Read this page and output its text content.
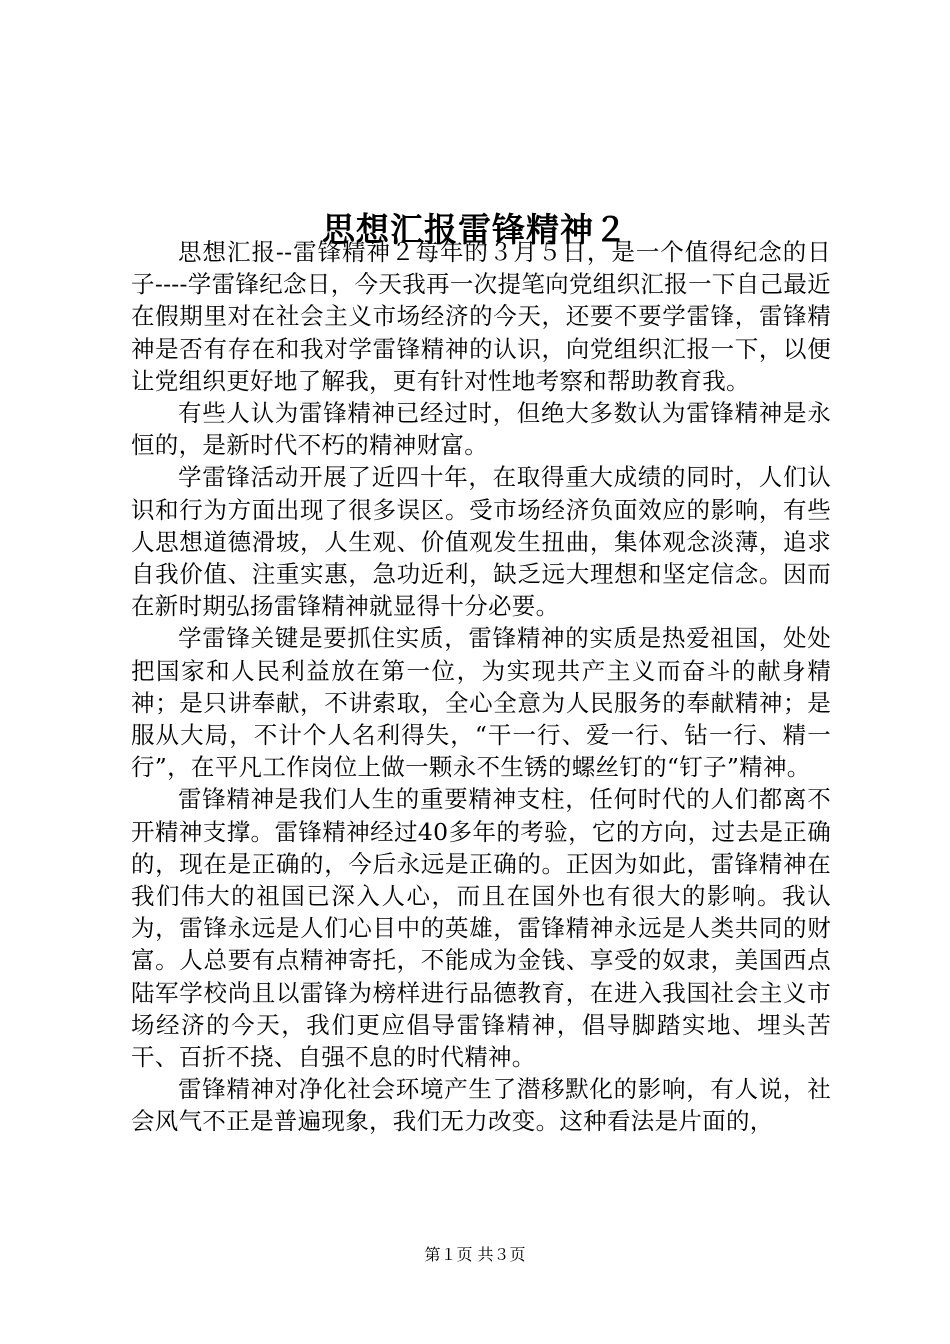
思想汇报雷锋精神２

思想汇报--雷锋精神２每年的３月５日，是一个值得纪念的日子----学雷锋纪念日，今天我再一次提笔向党组织汇报一下自己最近在假期里对在社会主义市场经济的今天，还要不要学雷锋，雷锋精神是否有存在和我对学雷锋精神的认识，向党组织汇报一下，以便让党组织更好地了解我，更有针对性地考察和帮助教育我。

有些人认为雷锋精神已经过时，但绝大多数认为雷锋精神是永恒的，是新时代不朽的精神财富。

学雷锋活动开展了近四十年，在取得重大成绩的同时，人们认识和行为方面出现了很多误区。受市场经济负面效应的影响，有些人思想道德滑坡，人生观、价值观发生扭曲，集体观念淡薄，追求自我价值、注重实惠，急功近利，缺乏远大理想和坚定信念。因而在新时期弘扬雷锋精神就显得十分必要。

学雷锋关键是要抓住实质，雷锋精神的实质是热爱祖国，处处把国家和人民利益放在第一位，为实现共产主义而奋斗的献身精神；是只讲奉献，不讲索取，全心全意为人民服务的奉献精神；是服从大局，不计个人名利得失，“干一行、爱一行、钻一行、精一行”，在平凡工作岗位上做一颗永不生锈的螺丝钉的“钉子”精神。

雷锋精神是我们人生的重要精神支柱，任何时代的人们都离不开精神支撑。雷锋精神经过40多年的考验，它的方向，过去是正确的，现在是正确的，今后永远是正确的。正因为如此，雷锋精神在我们伟大的祖国已深入人心，而且在国外也有很大的影响。我认为，雷锋永远是人们心目中的英雄，雷锋精神永远是人类共同的财富。人总要有点精神寄托，不能成为金钱、享受的奴隶，美国西点陆军学校尚且以雷锋为榜样进行品德教育，在进入我国社会主义市场经济的今天，我们更应倡导雷锋精神，倡导脚踏实地、埋头苦干、百折不挠、自强不息的时代精神。

雷锋精神对净化社会环境产生了潜移默化的影响，有人说，社会风气不正是普遍现象，我们无力改变。这种看法是片面的，

第１页 共３页
